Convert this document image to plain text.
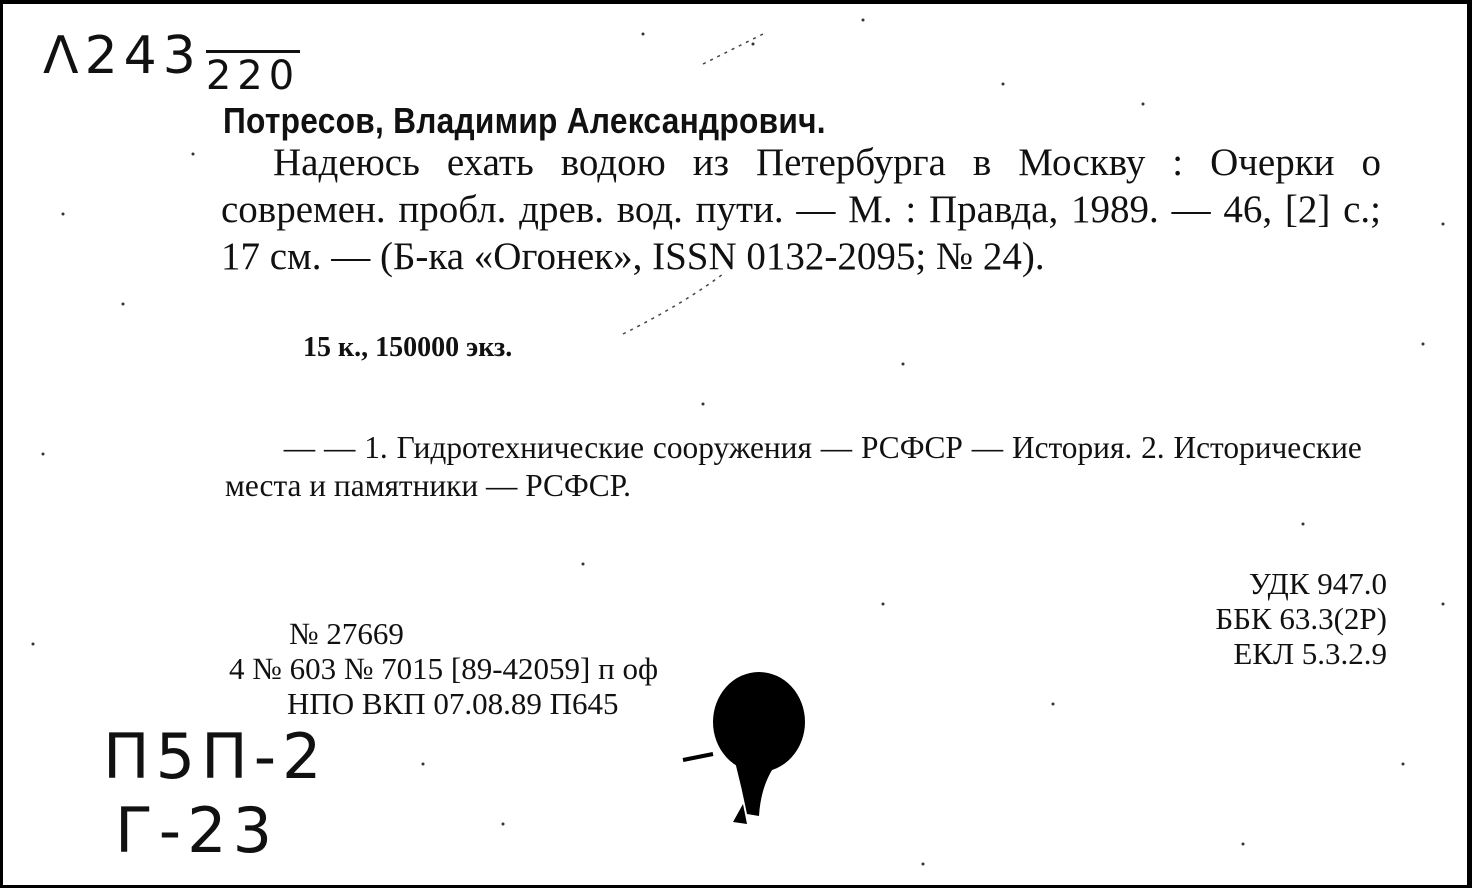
Λ243 $_{220}$
Потресов, Владимир Александрович.
Надеюсь ехать водою из Петербурга в Москву : Очерки о современ. пробл. древ. вод. пути. — М. : Правда, 1989. — 46, [2] с.; 17 см. — (Б-ка «Огонек», ISSN 0132-2095; № 24).
15 к., 150000 экз.
— — 1. Гидротехнические сооружения — РСФСР — История. 2. Исторические места и памятники — РСФСР.
№ 27669
4 № 603 № 7015 [89-42059] п оф
НПО ВКП 07.08.89 П645
УДК 947.0
ББК 63.3(2Р)
ЕКЛ 5.3.2.9
П5П-2
Г-23
